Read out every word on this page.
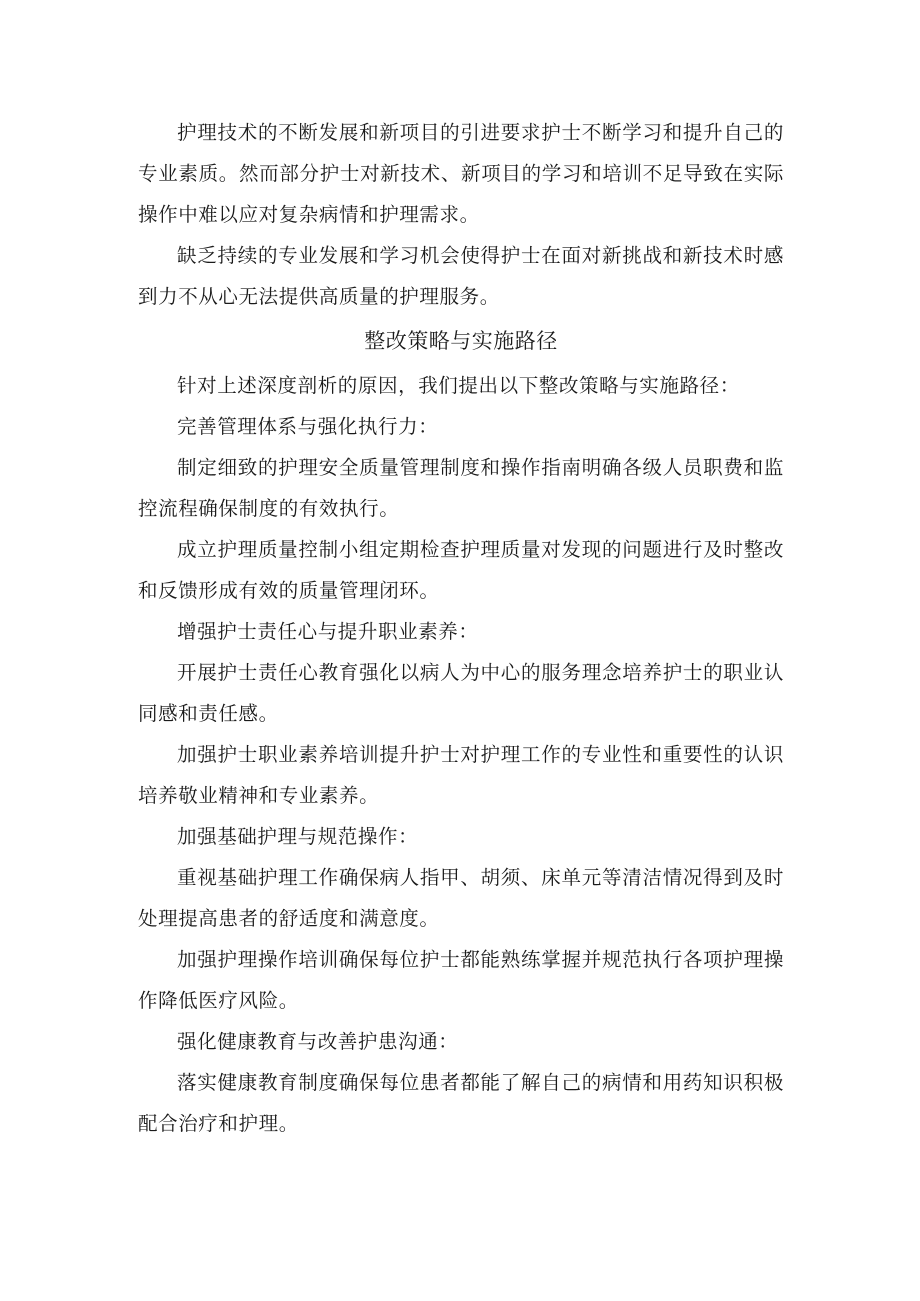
护理技术的不断发展和新项目的引进要求护士不断学习和提升自己的专业素质。然而部分护士对新技术、新项目的学习和培训不足导致在实际操作中难以应对复杂病情和护理需求。

缺乏持续的专业发展和学习机会使得护士在面对新挑战和新技术时感到力不从心无法提供高质量的护理服务。

整改策略与实施路径

针对上述深度剖析的原因，我们提出以下整改策略与实施路径：

完善管理体系与强化执行力：

制定细致的护理安全质量管理制度和操作指南明确各级人员职费和监控流程确保制度的有效执行。

成立护理质量控制小组定期检查护理质量对发现的问题进行及时整改和反馈形成有效的质量管理闭环。

增强护士责任心与提升职业素养：

开展护士责任心教育强化以病人为中心的服务理念培养护士的职业认同感和责任感。

加强护士职业素养培训提升护士对护理工作的专业性和重要性的认识培养敬业精神和专业素养。

加强基础护理与规范操作：

重视基础护理工作确保病人指甲、胡须、床单元等清洁情况得到及时处理提高患者的舒适度和满意度。

加强护理操作培训确保每位护士都能熟练掌握并规范执行各项护理操作降低医疗风险。

强化健康教育与改善护患沟通：

落实健康教育制度确保每位患者都能了解自己的病情和用药知识积极配合治疗和护理。
